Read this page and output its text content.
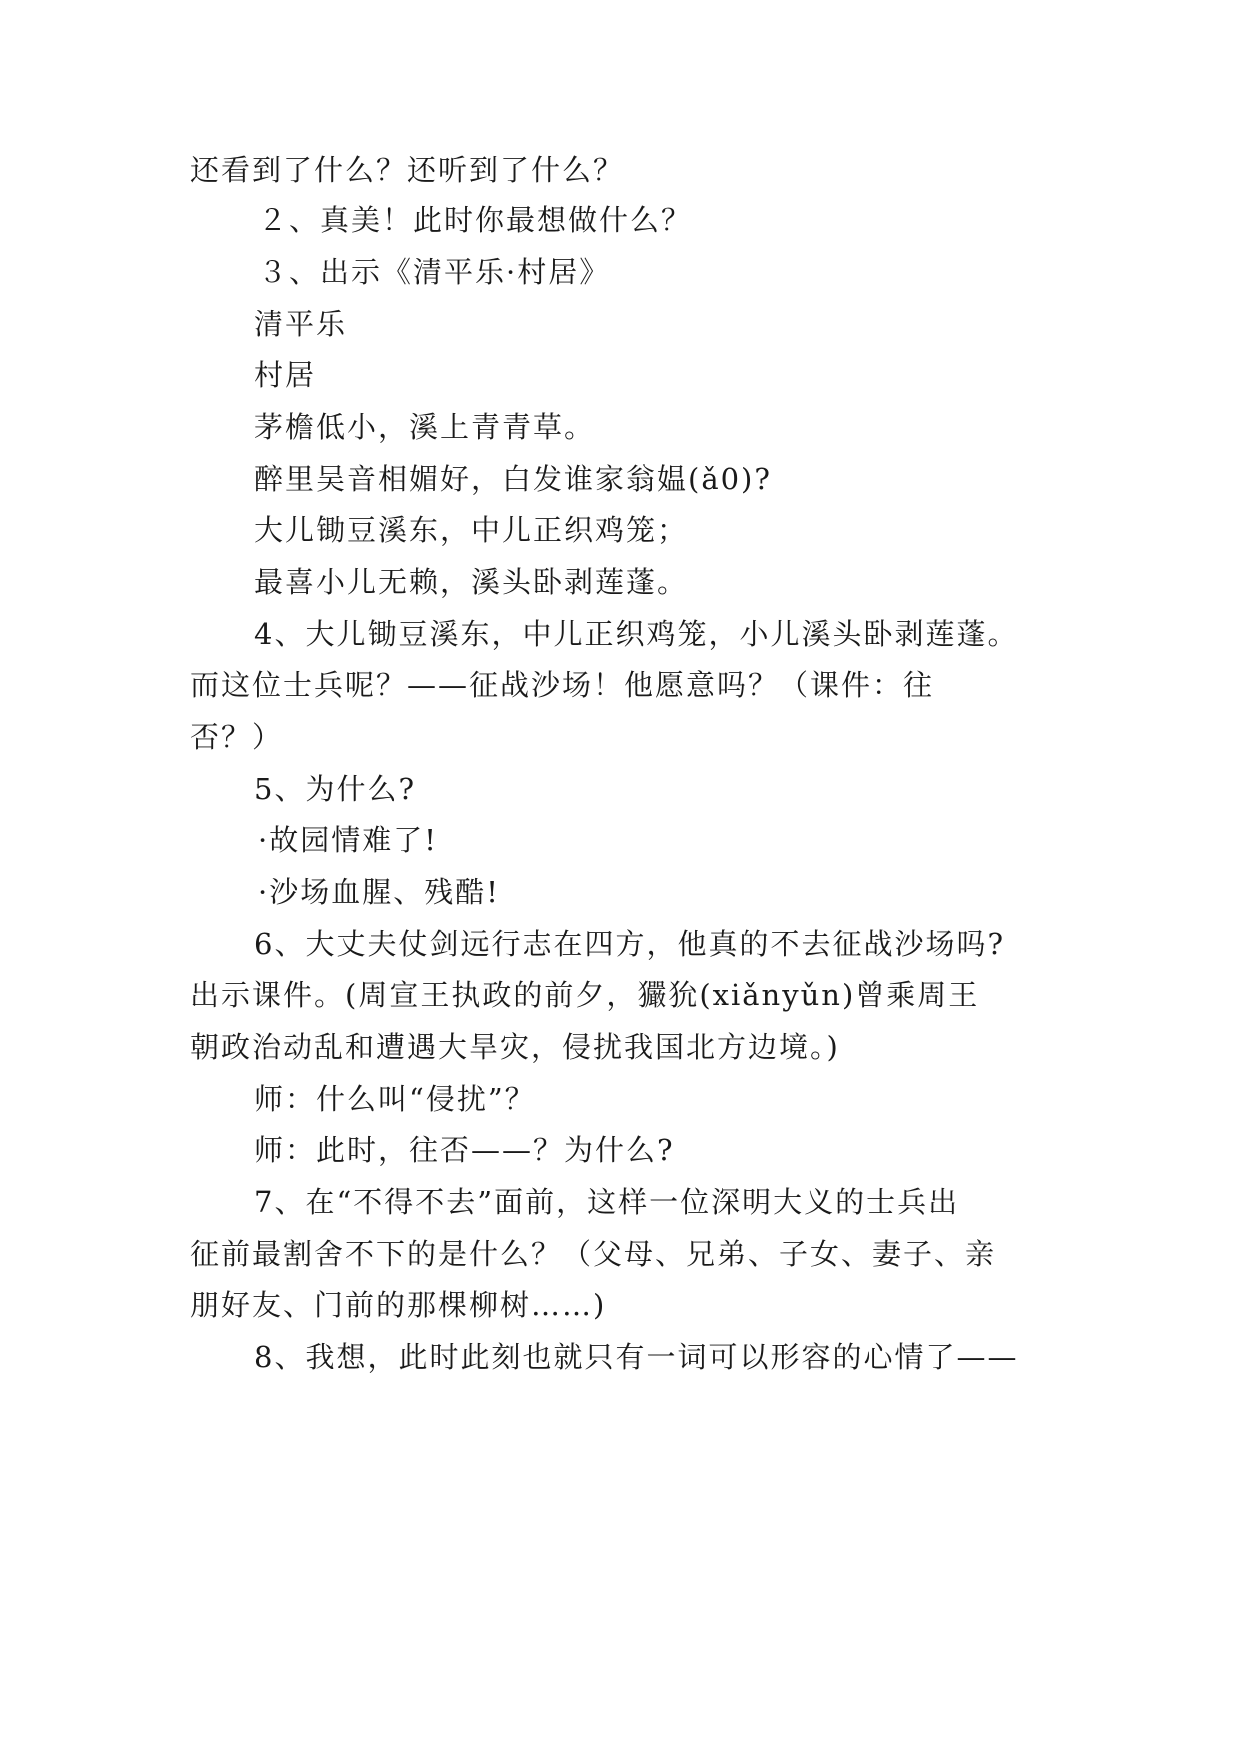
还看到了什么？还听到了什么？
２、真美！此时你最想做什么？
３、出示《清平乐·村居》
清平乐
村居
茅檐低小，溪上青青草。
醉里吴音相媚好，白发谁家翁媪(ǎ0)?
大儿锄豆溪东，中儿正织鸡笼；
最喜小儿无赖，溪头卧剥莲蓬。
4、大儿锄豆溪东，中儿正织鸡笼，小儿溪头卧剥莲蓬。
而这位士兵呢？——征战沙场！他愿意吗？（课件：往
否？）
5、为什么?
·故园情难了!
·沙场血腥、残酷!
6、大丈夫仗剑远行志在四方，他真的不去征战沙场吗?
出示课件。(周宣王执政的前夕，玁狁(xiǎnyǔn)曾乘周王
朝政治动乱和遭遇大旱灾，侵扰我国北方边境。)
师：什么叫“侵扰”？
师：此时，往否——？为什么?
7、在“不得不去”面前，这样一位深明大义的士兵出
征前最割舍不下的是什么？（父母、兄弟、子女、妻子、亲
朋好友、门前的那棵柳树……)
8、我想，此时此刻也就只有一词可以形容的心情了——
